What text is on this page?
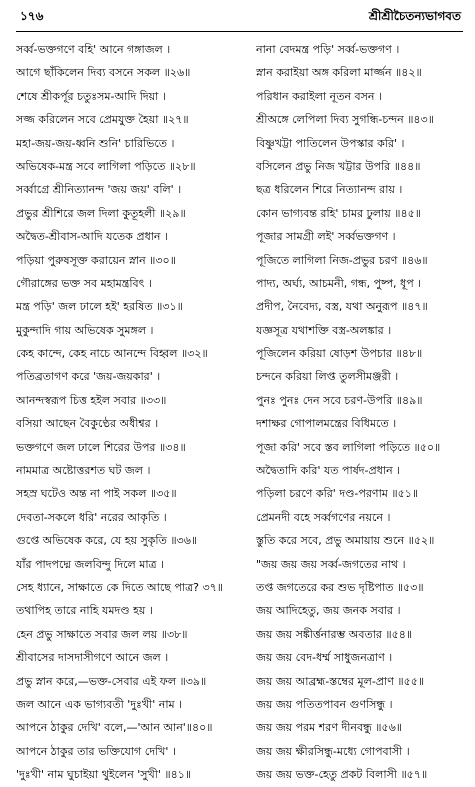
১৭৬	শ্রীশ্রীচৈতন্যভাগবত
সর্ব্ব-ভক্তগণে বহি' আনে গঙ্গাজল ।
আগে ছাঁকিলেন দিব্য বসনে সকল ॥২৬॥
শেষে শ্রীকর্পূর চতুঃসম-আদি দিয়া ।
সজ্জ করিলেন সবে প্রেমযুক্ত হৈয়া ॥২৭॥
মহা-জয়-জয়-ধ্বনি শুনি' চারিভিতে ।
অভিষেক-মন্ত্র সবে লাগিলা পড়িতে ॥২৮॥
সর্ব্বাগ্রে শ্রীনিত্যানন্দ 'জয় জয়' বলি' ।
প্রভুর শ্রীশিরে জল দিলা কুতূহলী ॥২৯॥
অদ্বৈত-শ্রীবাস-আদি যতেক প্রধান ।
পড়িয়া পুরুষসূক্ত করায়েন স্নান ॥৩০॥
গৌরাঙ্গের ভক্ত সব মহামন্ত্রবিৎ ।
মন্ত্র পড়ি' জল ঢালে হই' হরষিত ॥৩১॥
মুকুন্দাদি গায় অভিষেক সুমঙ্গল ।
কেহ কান্দে, কেহ নাচে আনন্দে বিহ্বল ॥৩২॥
পতিব্রতাগণ করে 'জয়-জয়কার' ।
আনন্দস্বরূপ চিত্ত হইল সবার ॥৩৩॥
বসিয়া আছেন বৈকুণ্ঠের অধীশ্বর ।
ভক্তগণে জল ঢালে শিরের উপর ॥৩৪॥
নামমাত্র অষ্টোত্তরশত ঘট জল ।
সহস্র ঘটেও অন্ত না পাই সকল ॥৩৫॥
দেবতা-সকলে ধরি' নরের আকৃতি ।
গুপ্তে অভিষেক করে, যে হয় সুকৃতি ॥৩৬॥
যাঁর পাদপদ্মে জলবিন্দু দিলে মাত্র ।
সেহ ধ্যানে, সাক্ষাতে কে দিতে আছে পাত্র? ৩৭॥
তথাপিহ তারে নাহি যমদণ্ড হয় ।
হেন প্রভু সাক্ষাতে সবার জল লয় ॥৩৮॥
শ্রীবাসের দাসদাসীগণে আনে জল ।
প্রভু স্নান করে,—ভক্ত-সেবার এই ফল ॥৩৯॥
জল আনে এক ভাগ্যবতী 'দুঃখী' নাম ।
আপনে ঠাকুর দেখি' বলে,—'আন আন'॥৪০॥
আপনে ঠাকুর তার ভক্তিযোগ দেখি' ।
'দুঃখী' নাম ঘুচাইয়া থুইলেন 'সুখী' ॥৪১॥
নানা বেদমন্ত্র পড়ি' সর্ব্ব-ভক্তগণ ।
স্নান করাইয়া অঙ্গ করিলা মার্জ্জন ॥৪২॥
পরিধান করাইলা নূতন বসন ।
শ্রীঅঙ্গে লেপিলা দিব্য সুগন্ধি-চন্দন ॥৪৩॥
বিষ্ণুখট্টা পাতিলেন উপস্কার করি' ।
বসিলেন প্রভু নিজ খট্টার উপরি ॥৪৪॥
ছত্র ধরিলেন শিরে নিত্যানন্দ রায় ।
কোন ভাগ্যবন্ত রহি' চামর ঢুলায় ॥৪৫॥
পূজার সামগ্রী লই' সর্ব্বভক্তগণ ।
পূজিতে লাগিলা নিজ-প্রভুর চরণ ॥৪৬॥
পাদ্য, অর্ঘ্য, আচমনী, গন্ধ, পুষ্প, ধূপ ।
প্রদীপ, নৈবেদ্য, বস্ত্র, যথা অনুরূপ ॥৪৭॥
যজ্ঞসূত্র যথাশক্তি বস্ত্র-অলঙ্কার ।
পূজিলেন করিয়া ষোড়শ উপচার ॥৪৮॥
চন্দনে করিয়া লিপ্ত তুলসীমঞ্জরী ।
পুনঃ পুনঃ দেন সবে চরণ-উপরি ॥৪৯॥
দশাক্ষর গোপালমন্ত্রের বিধিমতে ।
পূজা করি' সবে স্তব লাগিলা পড়িতে ॥৫০॥
অদ্বৈতাদি করি' যত পার্ষদ-প্রধান ।
পড়িলা চরণে করি' দণ্ড-পরণাম ॥৫১॥
প্রেমনদী বহে সর্ব্বগণের নয়নে ।
স্তুতি করে সবে, প্রভু অমায়ায় শুনে ॥৫২॥
"জয় জয় জয় সর্ব্ব-জগতের নাথ ।
তপ্ত জগতেরে কর শুভ দৃষ্টিপাত ॥৫৩॥
জয় আদিহেতু, জয় জনক সবার ।
জয় জয় সঙ্কীর্ত্তনারম্ভ অবতার ॥৫৪॥
জয় জয় বেদ-ধর্ম্ম সাধুজনত্রাণ ।
জয় জয় আব্রহ্ম-স্তম্বের মূল-প্রাণ ॥৫৫॥
জয় জয় পতিতপাবন গুণসিন্ধু ।
জয় জয় পরম শরণ দীনবন্ধু ॥৫৬॥
জয় জয় ক্ষীরসিন্ধু-মধ্যে গোপবাসী ।
জয় জয় ভক্ত-হেতু প্রকট বিলাসী ॥৫৭॥
